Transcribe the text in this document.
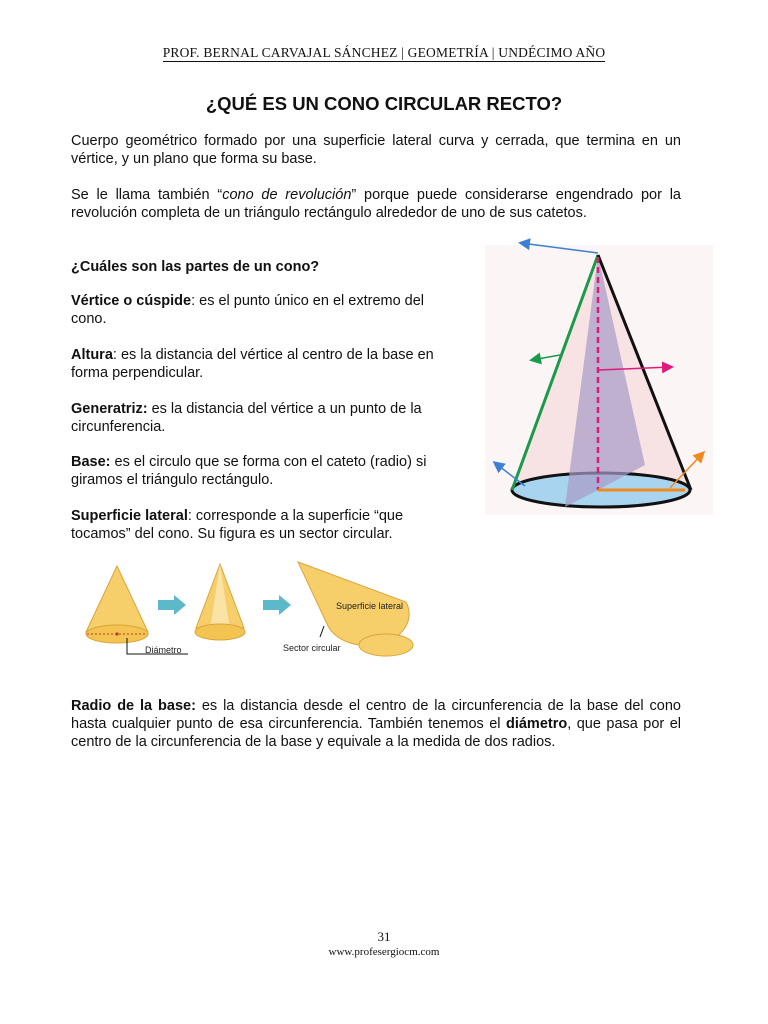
PROF. BERNAL CARVAJAL SÁNCHEZ | GEOMETRÍA | UNDÉCIMO AÑO
¿QUÉ ES UN CONO CIRCULAR RECTO?
Cuerpo geométrico formado por una superficie lateral curva y cerrada, que termina en un vértice, y un plano que forma su base.
Se le llama también “cono de revolución” porque puede considerarse engendrado por la revolución completa de un triángulo rectángulo alrededor de uno de sus catetos.
¿Cuáles son las partes de un cono?
Vértice o cúspide: es el punto único en el extremo del cono.
Altura: es la distancia del vértice al centro de la base en forma perpendicular.
Generatriz: es la distancia del vértice a un punto de la circunferencia.
Base: es el circulo que se forma con el cateto (radio) si giramos el triángulo rectángulo.
Superficie lateral: corresponde a la superficie “que tocamos” del cono. Su figura es un sector circular.
Diámetro
Superficie lateral
Sector circular
Radio de la base: es la distancia desde el centro de la circunferencia de la base del cono hasta cualquier punto de esa circunferencia. También tenemos el diámetro, que pasa por el centro de la circunferencia de la base y equivale a la medida de dos radios.
31
www.profesergiocm.com
